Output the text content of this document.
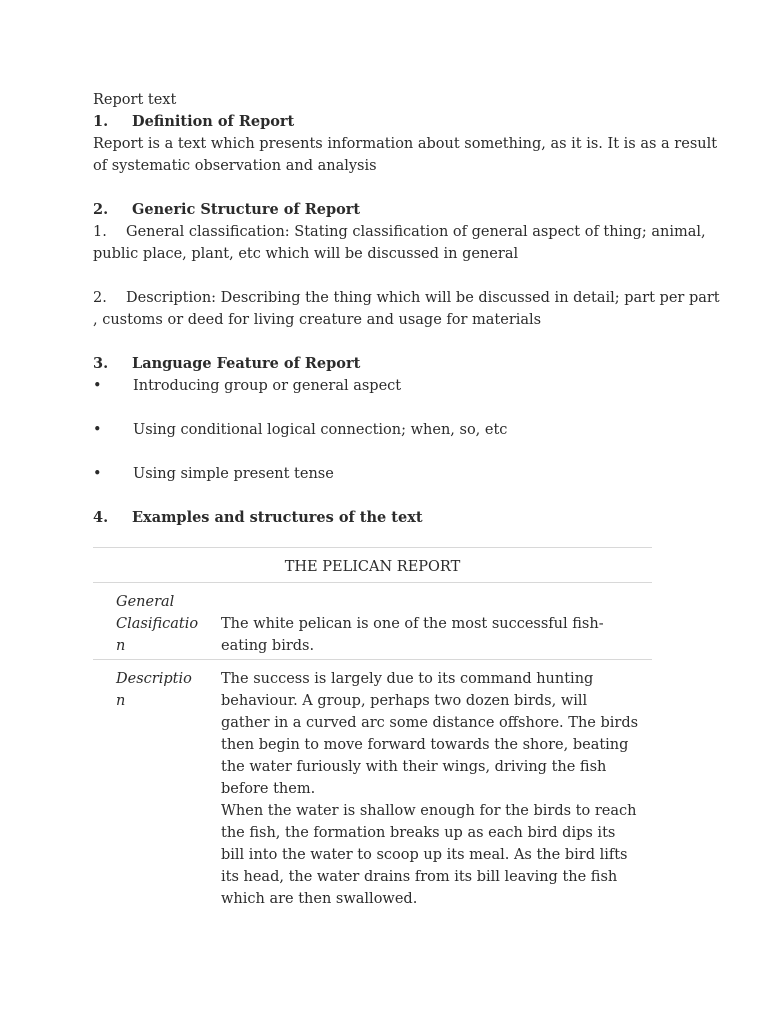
Report text

1. Definition of Report

Report is a text which presents information about something, as it is. It is as a result

of systematic observation and analysis

2. Generic Structure of Report

1. General classification: Stating classification of general aspect of thing; animal,

public place, plant, etc which will be discussed in general

2. Description: Describing the thing which will be discussed in detail; part per part

, customs or deed for living creature and usage for materials

3. Language Feature of Report

• Introducing group or general aspect

• Using conditional logical connection; when, so, etc

• Using simple present tense

4. Examples and structures of the text

THE PELICAN REPORT
General
Clasificatio
n
The white pelican is one of the most successful fish-
eating birds.
Descriptio
n
The success is largely due to its command hunting
behaviour. A group, perhaps two dozen birds, will
gather in a curved arc some distance offshore. The birds
then begin to move forward towards the shore, beating
the water furiously with their wings, driving the fish
before them.
When the water is shallow enough for the birds to reach
the fish, the formation breaks up as each bird dips its
bill into the water to scoop up its meal. As the bird lifts
its head, the water drains from its bill leaving the fish
which are then swallowed.
